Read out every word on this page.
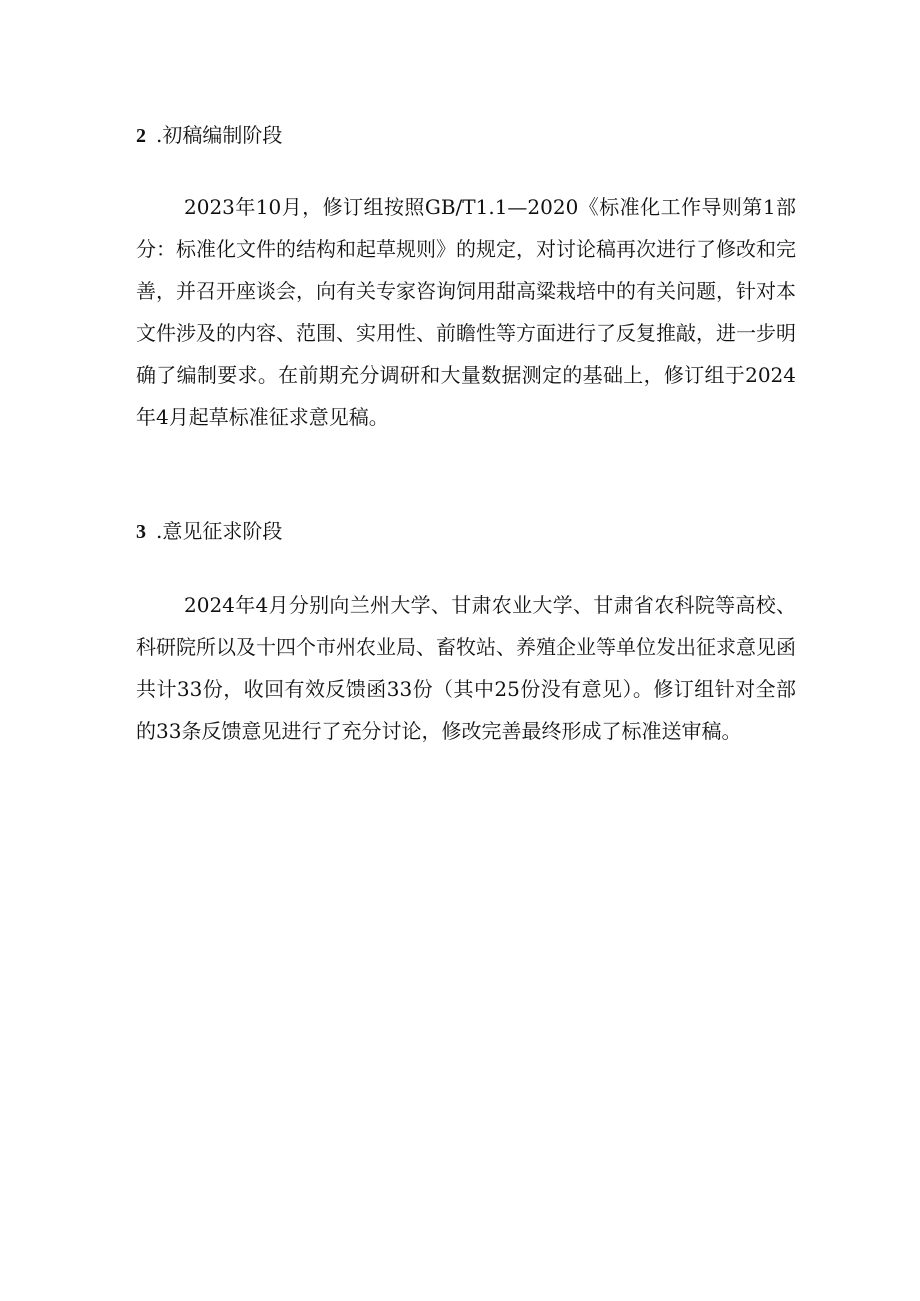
2 .初稿编制阶段

2023年10月，修订组按照GB/T1.1—2020《标准化工作导则第1部分：标准化文件的结构和起草规则》的规定，对讨论稿再次进行了修改和完善，并召开座谈会，向有关专家咨询饲用甜高粱栽培中的有关问题，针对本文件涉及的内容、范围、实用性、前瞻性等方面进行了反复推敲，进一步明确了编制要求。在前期充分调研和大量数据测定的基础上，修订组于2024年4月起草标准征求意见稿。

3 .意见征求阶段

2024年4月分别向兰州大学、甘肃农业大学、甘肃省农科院等高校、科研院所以及十四个市州农业局、畜牧站、养殖企业等单位发出征求意见函共计33份，收回有效反馈函33份（其中25份没有意见）。修订组针对全部的33条反馈意见进行了充分讨论，修改完善最终形成了标准送审稿。
